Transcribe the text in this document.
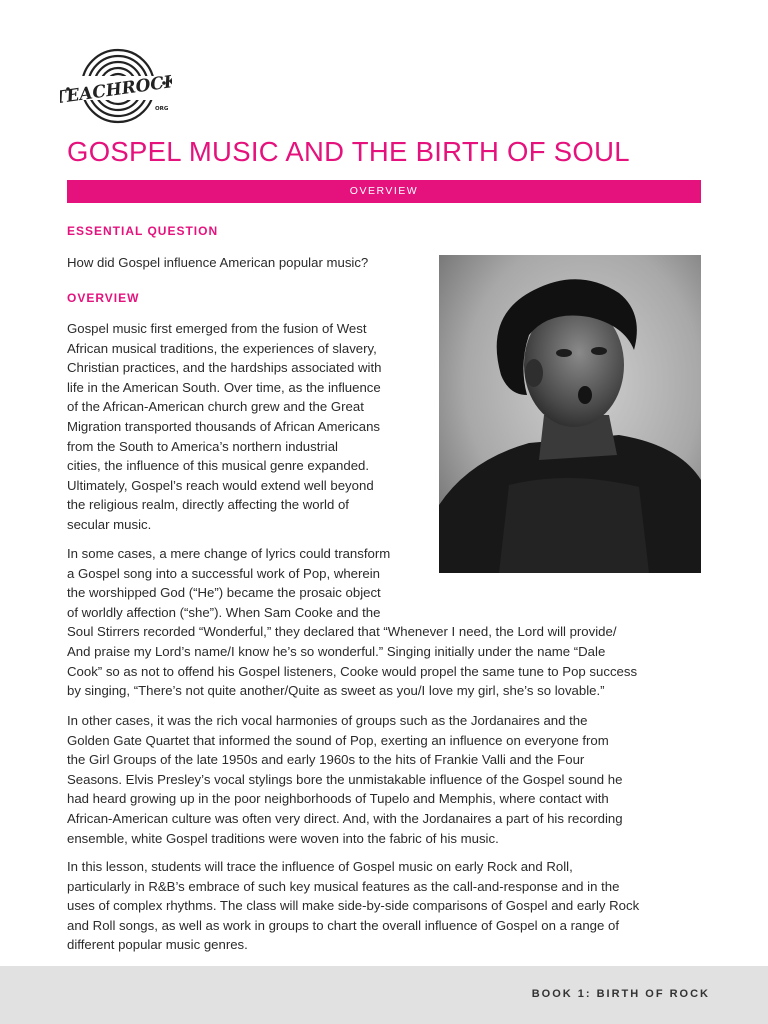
TEACHROCK
ORG
GOSPEL MUSIC AND THE BIRTH OF SOUL
OVERVIEW
ESSENTIAL QUESTION
How did Gospel influence American popular music?
OVERVIEW
Gospel music first emerged from the fusion of West
African musical traditions, the experiences of slavery,
Christian practices, and the hardships associated with
life in the American South. Over time, as the influence
of the African-American church grew and the Great
Migration transported thousands of African Americans
from the South to America’s northern industrial
cities, the influence of this musical genre expanded.
Ultimately, Gospel’s reach would extend well beyond
the religious realm, directly affecting the world of
secular music.
In some cases, a mere change of lyrics could transform
a Gospel song into a successful work of Pop, wherein
the worshipped God (“He”) became the prosaic object
of worldly affection (“she”). When Sam Cooke and the
Soul Stirrers recorded “Wonderful,” they declared that “Whenever I need, the Lord will provide/
And praise my Lord’s name/I know he’s so wonderful.” Singing initially under the name “Dale
Cook” so as not to offend his Gospel listeners, Cooke would propel the same tune to Pop success
by singing, “There’s not quite another/Quite as sweet as you/I love my girl, she’s so lovable.”
In other cases, it was the rich vocal harmonies of groups such as the Jordanaires and the
Golden Gate Quartet that informed the sound of Pop, exerting an influence on everyone from
the Girl Groups of the late 1950s and early 1960s to the hits of Frankie Valli and the Four
Seasons. Elvis Presley’s vocal stylings bore the unmistakable influence of the Gospel sound he
had heard growing up in the poor neighborhoods of Tupelo and Memphis, where contact with
African-American culture was often very direct. And, with the Jordanaires a part of his recording
ensemble, white Gospel traditions were woven into the fabric of his music.
In this lesson, students will trace the influence of Gospel music on early Rock and Roll,
particularly in R&B’s embrace of such key musical features as the call-and-response and in the
uses of complex rhythms. The class will make side-by-side comparisons of Gospel and early Rock
and Roll songs, as well as work in groups to chart the overall influence of Gospel on a range of
different popular music genres.
BOOK 1: BIRTH OF ROCK
